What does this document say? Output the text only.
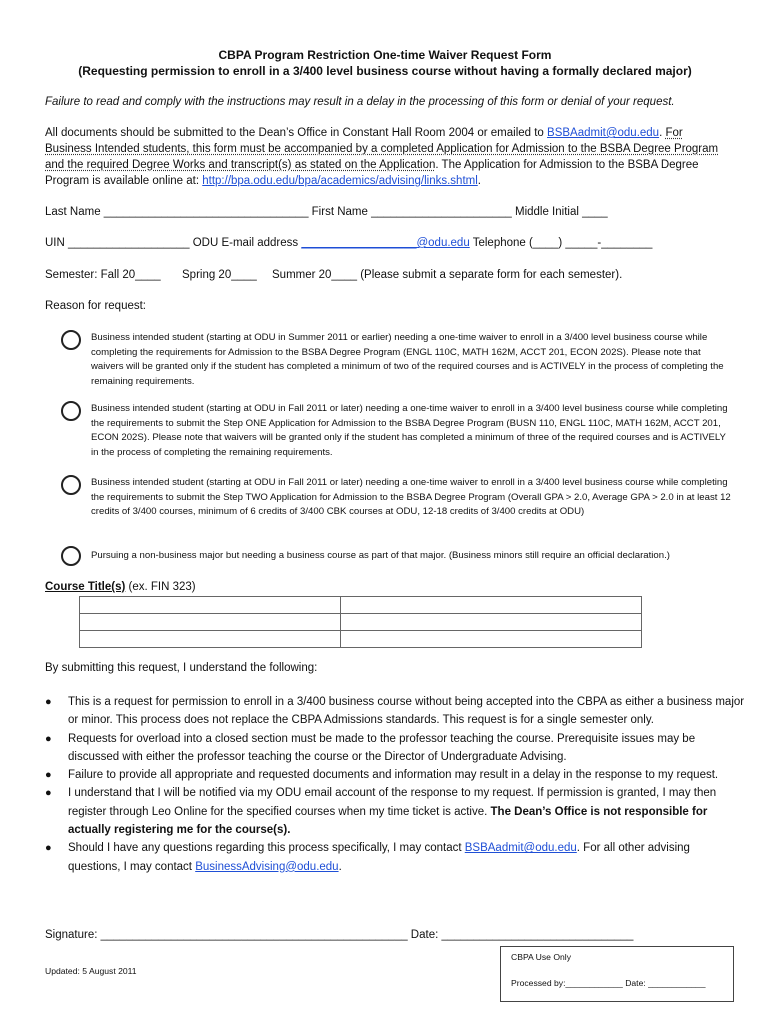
CBPA Program Restriction One-time Waiver Request Form
(Requesting permission to enroll in a 3/400 level business course without having a formally declared major)
Failure to read and comply with the instructions may result in a delay in the processing of this form or denial of your request.
All documents should be submitted to the Dean’s Office in Constant Hall Room 2004 or emailed to BSBAadmit@odu.edu. For
Business Intended students, this form must be accompanied by a completed Application for Admission to the BSBA Degree Program
and the required Degree Works and transcript(s) as stated on the Application. The Application for Admission to the BSBA Degree
Program is available online at: http://bpa.odu.edu/bpa/academics/advising/links.shtml.
Last Name ________________________________ First Name ______________________ Middle Initial ____
UIN ___________________ ODU E-mail address __________________@odu.edu Telephone (____) _____-________
Semester: Fall 20____ Spring 20____ Summer 20____ (Please submit a separate form for each semester).
Reason for request:
Business intended student (starting at ODU in Summer 2011 or earlier) needing a one-time waiver to enroll in a 3/400 level business course while completing the requirements for Admission to the BSBA Degree Program (ENGL 110C, MATH 162M, ACCT 201, ECON 202S). Please note that waivers will be granted only if the student has completed a minimum of two of the required courses and is ACTIVELY in the process of completing the remaining requirements.
Business intended student (starting at ODU in Fall 2011 or later) needing a one-time waiver to enroll in a 3/400 level business course while completing the requirements to submit the Step ONE Application for Admission to the BSBA Degree Program (BUSN 110, ENGL 110C, MATH 162M, ACCT 201, ECON 202S). Please note that waivers will be granted only if the student has completed a minimum of three of the required courses and is ACTIVELY in the process of completing the remaining requirements.
Business intended student (starting at ODU in Fall 2011 or later) needing a one-time waiver to enroll in a 3/400 level business course while completing the requirements to submit the Step TWO Application for Admission to the BSBA Degree Program (Overall GPA > 2.0, Average GPA > 2.0 in at least 12 credits of 3/400 courses, minimum of 6 credits of 3/400 CBK courses at ODU, 12-18 credits of 3/400 credits at ODU)
Pursuing a non-business major but needing a business course as part of that major. (Business minors still require an official declaration.)
Course Title(s) (ex. FIN 323)

By submitting this request, I understand the following:
● This is a request for permission to enroll in a 3/400 business course without being accepted into the CBPA as either a business major or minor. This process does not replace the CBPA Admissions standards. This request is for a single semester only.
● Requests for overload into a closed section must be made to the professor teaching the course. Prerequisite issues may be discussed with either the professor teaching the course or the Director of Undergraduate Advising.
● Failure to provide all appropriate and requested documents and information may result in a delay in the response to my request.
● I understand that I will be notified via my ODU email account of the response to my request. If permission is granted, I may then register through Leo Online for the specified courses when my time ticket is active. The Dean’s Office is not responsible for actually registering me for the course(s).
● Should I have any questions regarding this process specifically, I may contact BSBAadmit@odu.edu. For all other advising questions, I may contact BusinessAdvising@odu.edu.
Signature: ________________________________________________ Date: ______________________________
Updated: 5 August 2011
CBPA Use Only
Processed by:____________ Date: ____________
